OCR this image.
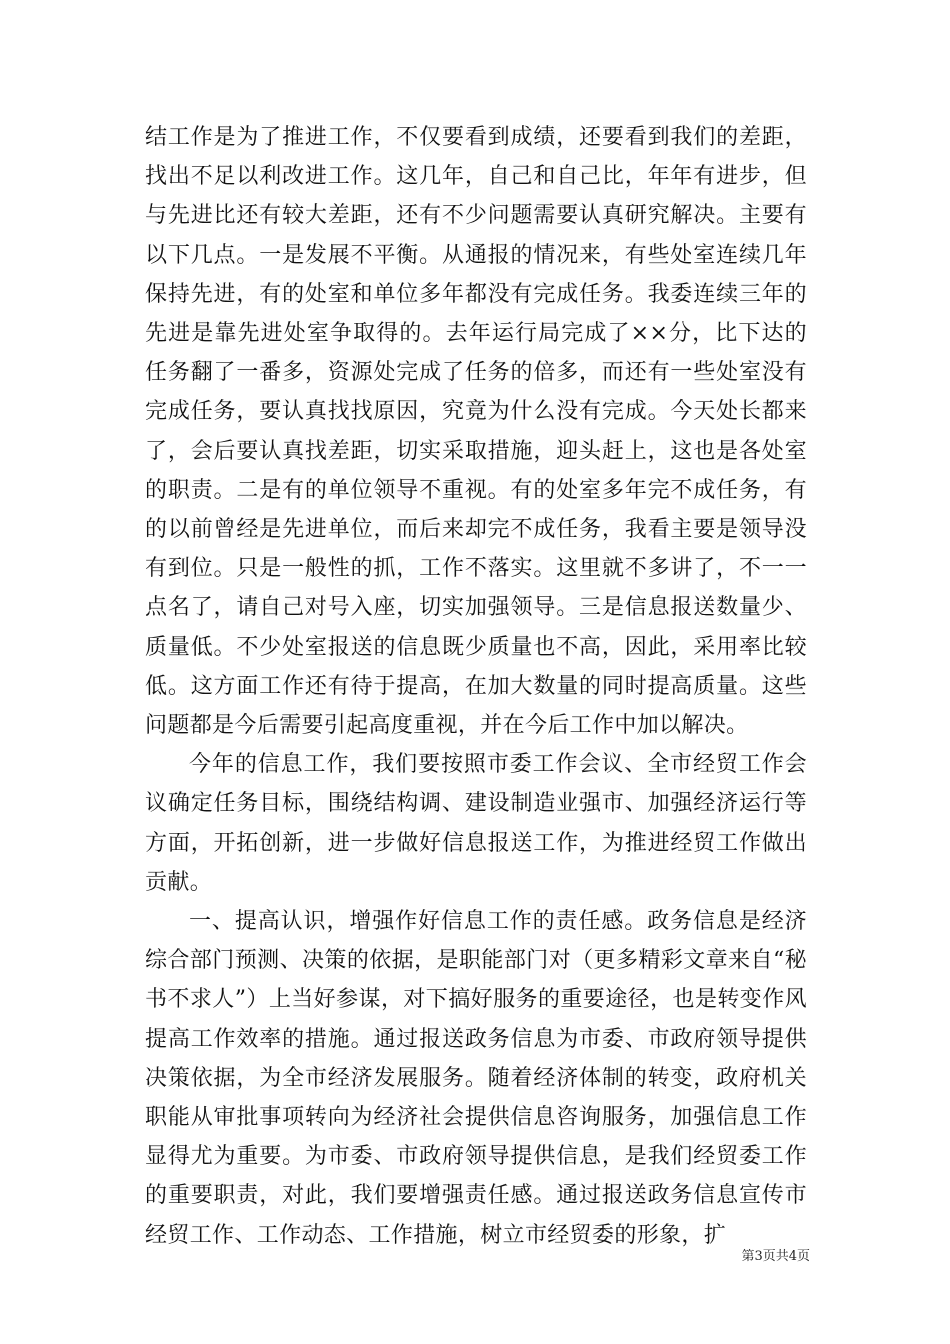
结工作是为了推进工作，不仅要看到成绩，还要看到我们的差距，找出不足以利改进工作。这几年，自己和自己比，年年有进步，但与先进比还有较大差距，还有不少问题需要认真研究解决。主要有以下几点。一是发展不平衡。从通报的情况来，有些处室连续几年保持先进，有的处室和单位多年都没有完成任务。我委连续三年的先进是靠先进处室争取得的。去年运行局完成了××分，比下达的任务翻了一番多，资源处完成了任务的倍多，而还有一些处室没有完成任务，要认真找找原因，究竟为什么没有完成。今天处长都来了，会后要认真找差距，切实采取措施，迎头赶上，这也是各处室的职责。二是有的单位领导不重视。有的处室多年完不成任务，有的以前曾经是先进单位，而后来却完不成任务，我看主要是领导没有到位。只是一般性的抓，工作不落实。这里就不多讲了，不一一点名了，请自己对号入座，切实加强领导。三是信息报送数量少、质量低。不少处室报送的信息既少质量也不高，因此，采用率比较低。这方面工作还有待于提高，在加大数量的同时提高质量。这些问题都是今后需要引起高度重视，并在今后工作中加以解决。

今年的信息工作，我们要按照市委工作会议、全市经贸工作会议确定任务目标，围绕结构调、建设制造业强市、加强经济运行等方面，开拓创新，进一步做好信息报送工作，为推进经贸工作做出贡献。

一、提高认识，增强作好信息工作的责任感。政务信息是经济综合部门预测、决策的依据，是职能部门对（更多精彩文章来自“秘书不求人”）上当好参谋，对下搞好服务的重要途径，也是转变作风提高工作效率的措施。通过报送政务信息为市委、市政府领导提供决策依据，为全市经济发展服务。随着经济体制的转变，政府机关职能从审批事项转向为经济社会提供信息咨询服务，加强信息工作显得尤为重要。为市委、市政府领导提供信息，是我们经贸委工作的重要职责，对此，我们要增强责任感。通过报送政务信息宣传市经贸工作、工作动态、工作措施，树立市经贸委的形象，扩

第3页共4页
